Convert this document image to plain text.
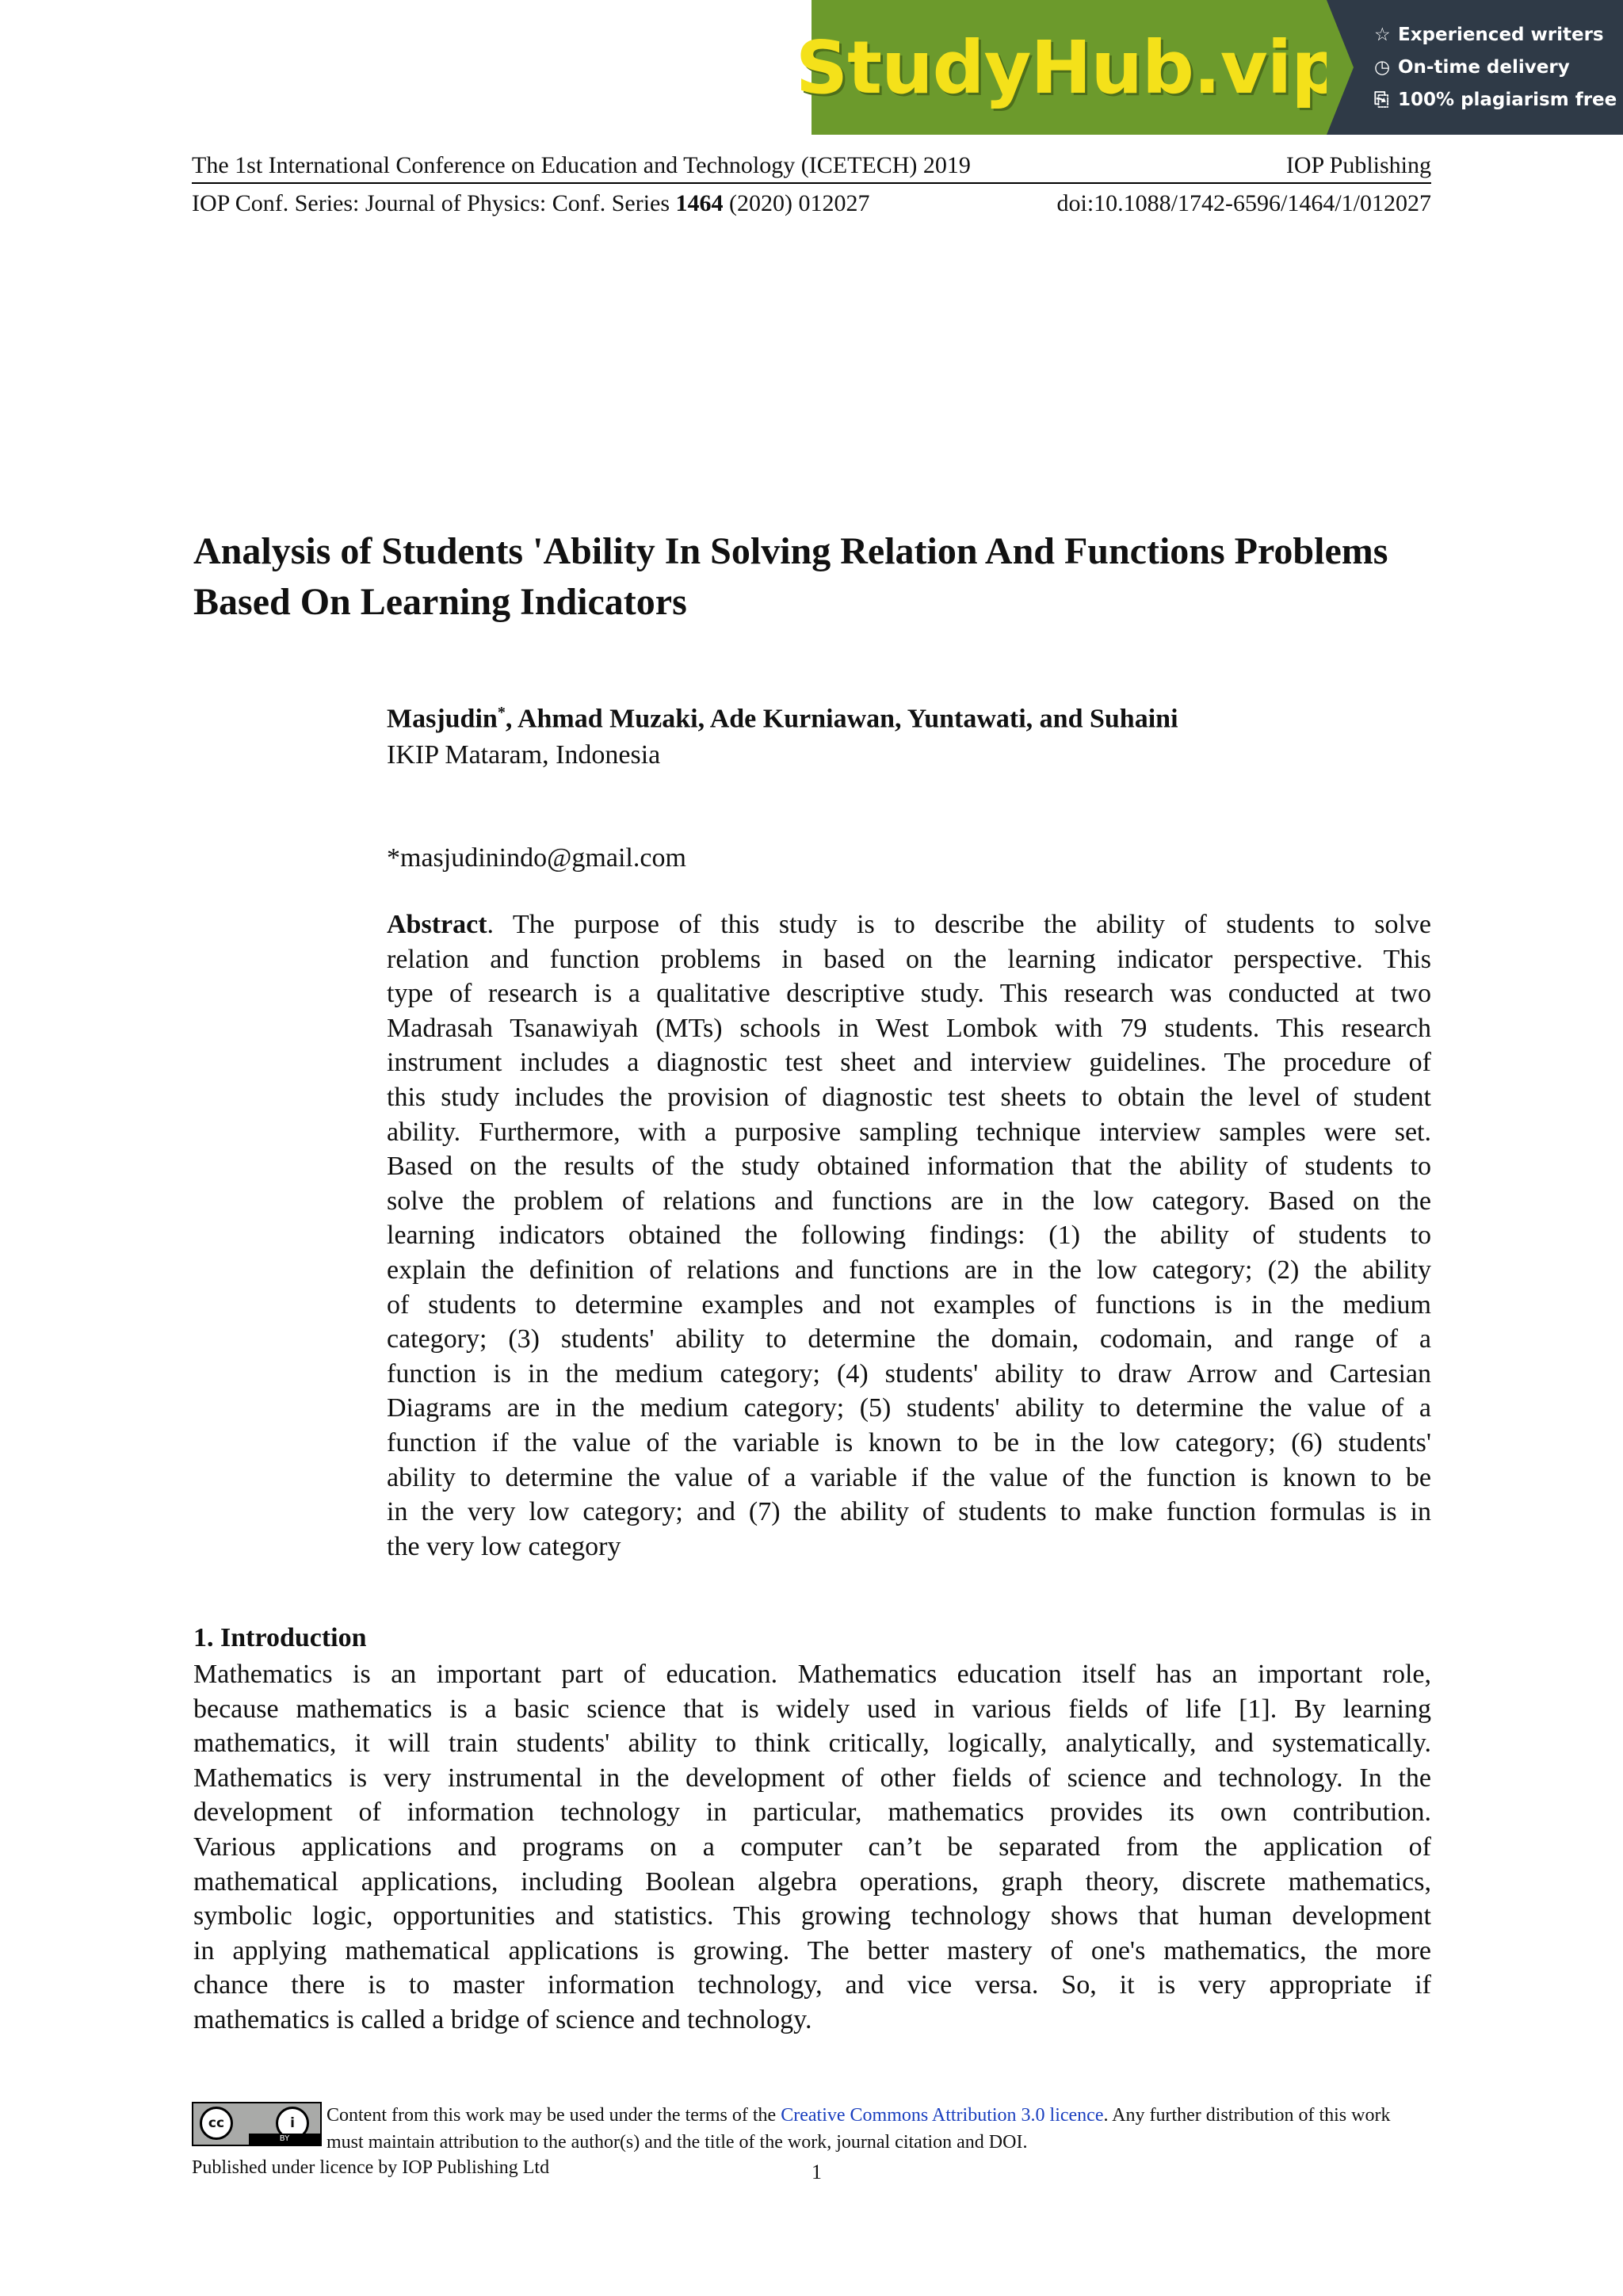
StudyHub.vip ☆ Experienced writers
◷ On-time delivery
⎘ 100% plagiarism free
The 1st International Conference on Education and Technology (ICETECH) 2019	IOP Publishing
IOP Conf. Series: Journal of Physics: Conf. Series 1464 (2020) 012027	doi:10.1088/1742-6596/1464/1/012027
Analysis of Students 'Ability In Solving Relation And Functions Problems Based On Learning Indicators
Masjudin*, Ahmad Muzaki, Ade Kurniawan, Yuntawati, and Suhaini
IKIP Mataram, Indonesia
*masjudinindo@gmail.com
Abstract. The purpose of this study is to describe the ability of students to solve
relation and function problems in based on the learning indicator perspective. This
type of research is a qualitative descriptive study. This research was conducted at two
Madrasah Tsanawiyah (MTs) schools in West Lombok with 79 students. This research
instrument includes a diagnostic test sheet and interview guidelines. The procedure of
this study includes the provision of diagnostic test sheets to obtain the level of student
ability. Furthermore, with a purposive sampling technique interview samples were set.
Based on the results of the study obtained information that the ability of students to
solve the problem of relations and functions are in the low category. Based on the
learning indicators obtained the following findings: (1) the ability of students to
explain the definition of relations and functions are in the low category; (2) the ability
of students to determine examples and not examples of functions is in the medium
category; (3) students' ability to determine the domain, codomain, and range of a
function is in the medium category; (4) students' ability to draw Arrow and Cartesian
Diagrams are in the medium category; (5) students' ability to determine the value of a
function if the value of the variable is known to be in the low category; (6) students'
ability to determine the value of a variable if the value of the function is known to be
in the very low category; and (7) the ability of students to make function formulas is in
the very low category
1. Introduction
Mathematics is an important part of education. Mathematics education itself has an important role,
because mathematics is a basic science that is widely used in various fields of life [1]. By learning
mathematics, it will train students' ability to think critically, logically, analytically, and systematically.
Mathematics is very instrumental in the development of other fields of science and technology. In the
development of information technology in particular, mathematics provides its own contribution.
Various applications and programs on a computer can’t be separated from the application of
mathematical applications, including Boolean algebra operations, graph theory, discrete mathematics,
symbolic logic, opportunities and statistics. This growing technology shows that human development
in applying mathematical applications is growing. The better mastery of one's mathematics, the more
chance there is to master information technology, and vice versa. So, it is very appropriate if
mathematics is called a bridge of science and technology.
cc	i
BY
Content from this work may be used under the terms of the Creative Commons Attribution 3.0 licence. Any further distribution of this work must maintain attribution to the author(s) and the title of the work, journal citation and DOI.
Published under licence by IOP Publishing Ltd	1
